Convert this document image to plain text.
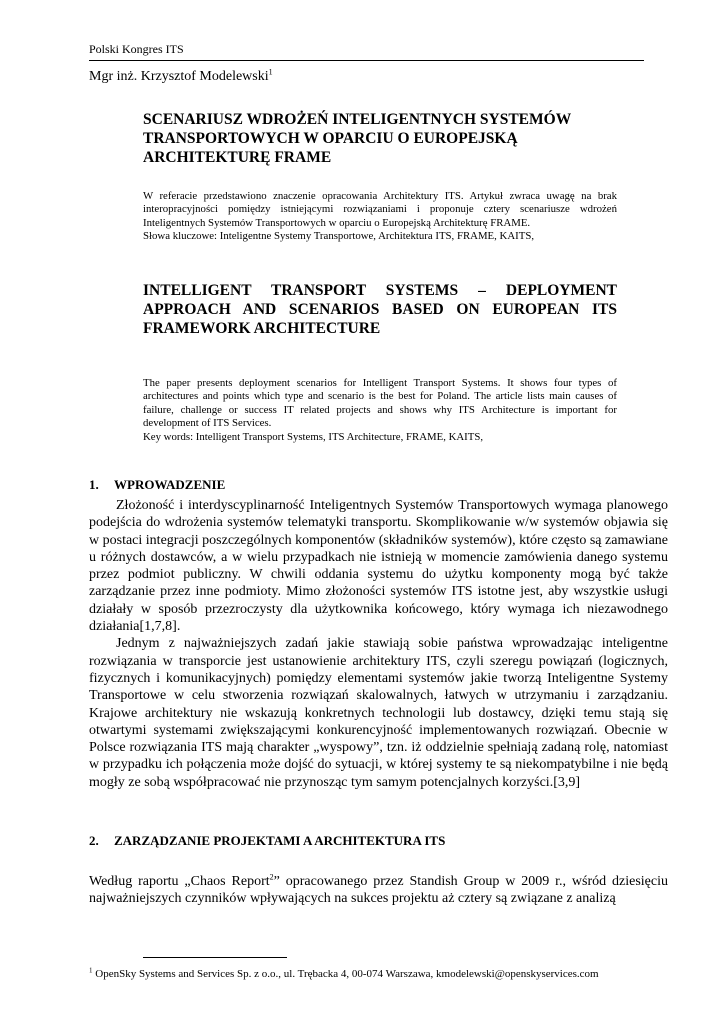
Polski Kongres ITS
Mgr inż. Krzysztof Modelewski$^1$
SCENARIUSZ WDROŻEŃ INTELIGENTNYCH SYSTEMÓW TRANSPORTOWYCH W OPARCIU O EUROPEJSKĄ ARCHITEKTURĘ FRAME
W referacie przedstawiono znaczenie opracowania Architektury ITS. Artykuł zwraca uwagę na brak interopracyjności pomiędzy istniejącymi rozwiązaniami i proponuje cztery scenariusze wdrożeń Inteligentnych Systemów Transportowych w oparciu o Europejską Architekturę FRAME.
Słowa kluczowe: Inteligentne Systemy Transportowe, Architektura ITS, FRAME, KAITS,
INTELLIGENT TRANSPORT SYSTEMS – DEPLOYMENT APPROACH AND SCENARIOS BASED ON EUROPEAN ITS FRAMEWORK ARCHITECTURE
The paper presents deployment scenarios for Intelligent Transport Systems. It shows four types of architectures and points which type and scenario is the best for Poland. The article lists main causes of failure, challenge or success IT related projects and shows why ITS Architecture is important for development of ITS Services.
Key words: Intelligent Transport Systems, ITS Architecture, FRAME, KAITS,
1. WPROWADZENIE

Złożoność i interdyscyplinarność Inteligentnych Systemów Transportowych wymaga planowego podejścia do wdrożenia systemów telematyki transportu. Skomplikowanie w/w systemów objawia się w postaci integracji poszczególnych komponentów (składników systemów), które często są zamawiane u różnych dostawców, a w wielu przypadkach nie istnieją w momencie zamówienia danego systemu przez podmiot publiczny. W chwili oddania systemu do użytku komponenty mogą być także zarządzanie przez inne podmioty. Mimo złożoności systemów ITS istotne jest, aby wszystkie usługi działały w sposób przezroczysty dla użytkownika końcowego, który wymaga ich niezawodnego działania[1,7,8].

Jednym z najważniejszych zadań jakie stawiają sobie państwa wprowadzając inteligentne rozwiązania w transporcie jest ustanowienie architektury ITS, czyli szeregu powiązań (logicznych, fizycznych i komunikacyjnych) pomiędzy elementami systemów jakie tworzą Inteligentne Systemy Transportowe w celu stworzenia rozwiązań skalowalnych, łatwych w utrzymaniu i zarządzaniu. Krajowe architektury nie wskazują konkretnych technologii lub dostawcy, dzięki temu stają się otwartymi systemami zwiększającymi konkurencyjność implementowanych rozwiązań. Obecnie w Polsce rozwiązania ITS mają charakter „wyspowy”, tzn. iż oddzielnie spełniają zadaną rolę, natomiast w przypadku ich połączenia może dojść do sytuacji, w której systemy te są niekompatybilne i nie będą mogły ze sobą współpracować nie przynosząc tym samym potencjalnych korzyści.[3,9]

2. ZARZĄDZANIE PROJEKTAMI A ARCHITEKTURA ITS

Według raportu „Chaos Report$^2$” opracowanego przez Standish Group w 2009 r., wśród dziesięciu najważniejszych czynników wpływających na sukces projektu aż cztery są związane z analizą

$^1$ OpenSky Systems and Services Sp. z o.o., ul. Trębacka 4, 00-074 Warszawa, kmodelewski@openskyservices.com
